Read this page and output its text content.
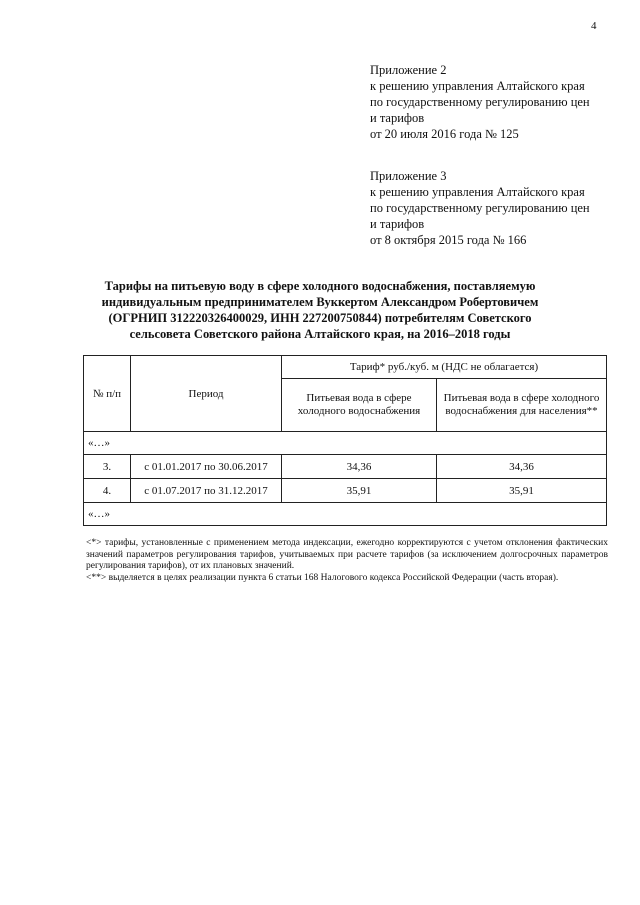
4
Приложение 2
к решению управления Алтайского края
по государственному регулированию цен
и тарифов
от 20 июля 2016 года № 125
Приложение 3
к решению управления Алтайского края
по государственному регулированию цен
и тарифов
от 8 октября 2015 года № 166
Тарифы на питьевую воду в сфере холодного водоснабжения, поставляемую
индивидуальным предпринимателем Вуккертом Александром Робертовичем
(ОГРНИП 312220326400029, ИНН 227200750844) потребителям Советского
сельсовета Советского района Алтайского края, на 2016–2018 годы
№ п/п	Период	Тариф* руб./куб. м (НДС не облагается)	
		Питьевая вода в сфере холодного водоснабжения	Питьевая вода в сфере холодного водоснабжения для населения**
«…»			
3.	с 01.01.2017 по 30.06.2017	34,36	34,36
4.	с 01.07.2017 по 31.12.2017	35,91	35,91
«…»			
<*> тарифы, установленные с применением метода индексации, ежегодно корректируются с учетом отклонения фактических значений параметров регулирования тарифов, учитываемых при расчете тарифов (за исключением долгосрочных параметров регулирования тарифов), от их плановых значений.
<**> выделяется в целях реализации пункта 6 статьи 168 Налогового кодекса Российской Федерации (часть вторая).
